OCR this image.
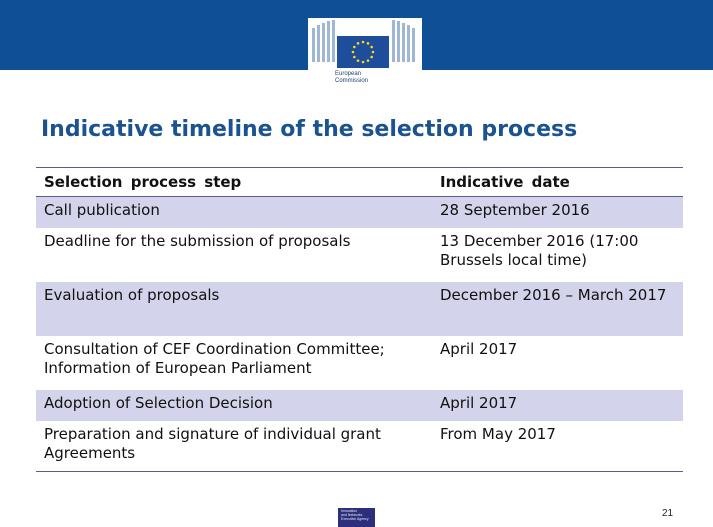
European
Commission
Indicative timeline of the selection process
Selection process step	Indicative date
Call publication	28 September 2016
Deadline for the submission of proposals	13 December 2016 (17:00 Brussels local time)
Evaluation of proposals	December 2016 – March 2017
Consultation of CEF Coordination Committee; Information of European Parliament	April 2017
Adoption of Selection Decision	April 2017
Preparation and signature of individual grant Agreements	From May 2017
Innovation
and Networks
Executive Agency	21
